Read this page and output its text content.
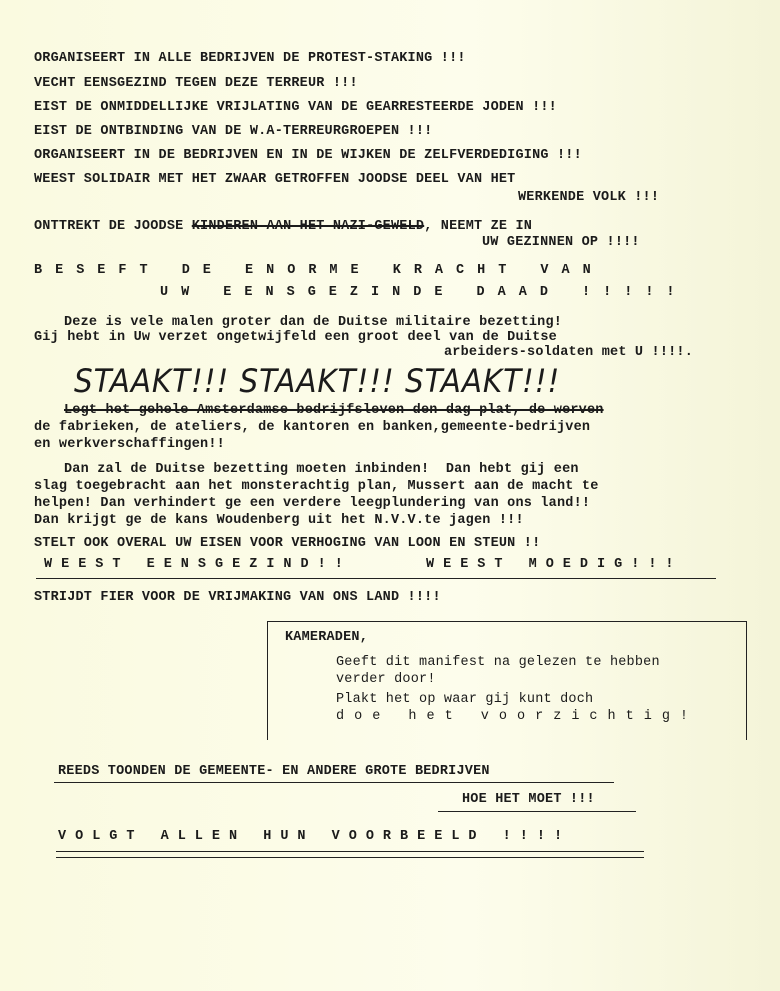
ORGANISEERT IN ALLE BEDRIJVEN DE PROTEST-STAKING !!!
VECHT EENSGEZIND TEGEN DEZE TERREUR !!!
EIST DE ONMIDDELLIJKE VRIJLATING VAN DE GEARRESTEERDE JODEN !!!
EIST DE ONTBINDING VAN DE W.A-TERREURGROEPEN !!!
ORGANISEERT IN DE BEDRIJVEN EN IN DE WIJKEN DE ZELFVERDEDIGING !!!
WEEST SOLIDAIR MET HET ZWAAR GETROFFEN JOODSE DEEL VAN HET
WERKENDE VOLK !!!
ONTTREKT DE JOODSE KINDEREN AAN HET NAZI-GEWELD, NEEMT ZE IN
UW GEZINNEN OP !!!!
BESEFT DE ENORME KRACHT VAN
UW EENSGEZINDE DAAD !!!!!
Deze is vele malen groter dan de Duitse militaire bezetting!
Gij hebt in Uw verzet ongetwijfeld een groot deel van de Duitse
arbeiders-soldaten met U !!!!.
STAAKT!!! STAAKT!!! STAAKT!!!
Legt het gehele Amsterdamse bedrijfsleven den dag plat, de werven
de fabrieken, de ateliers, de kantoren en banken,gemeente-bedrijven
en werkverschaffingen!!
Dan zal de Duitse bezetting moeten inbinden!  Dan hebt gij een
slag toegebracht aan het monsterachtig plan, Mussert aan de macht te
helpen! Dan verhindert ge een verdere leegplundering van ons land!!
Dan krijgt ge de kans Woudenberg uit het N.V.V.te jagen !!!
STELT OOK OVERAL UW EISEN VOOR VERHOGING VAN LOON EN STEUN !!
WEEST EENSGEZIND!!	WEEST MOEDIG!!!
STRIJDT FIER VOOR DE VRIJMAKING VAN ONS LAND !!!!
KAMERADEN,
Geeft dit manifest na gelezen te hebben
verder door!
Plakt het op waar gij kunt doch
doe het voorzichtig!
REEDS TOONDEN DE GEMEENTE- EN ANDERE GROTE BEDRIJVEN
HOE HET MOET !!!
VOLGT ALLEN HUN VOORBEELD !!!!
